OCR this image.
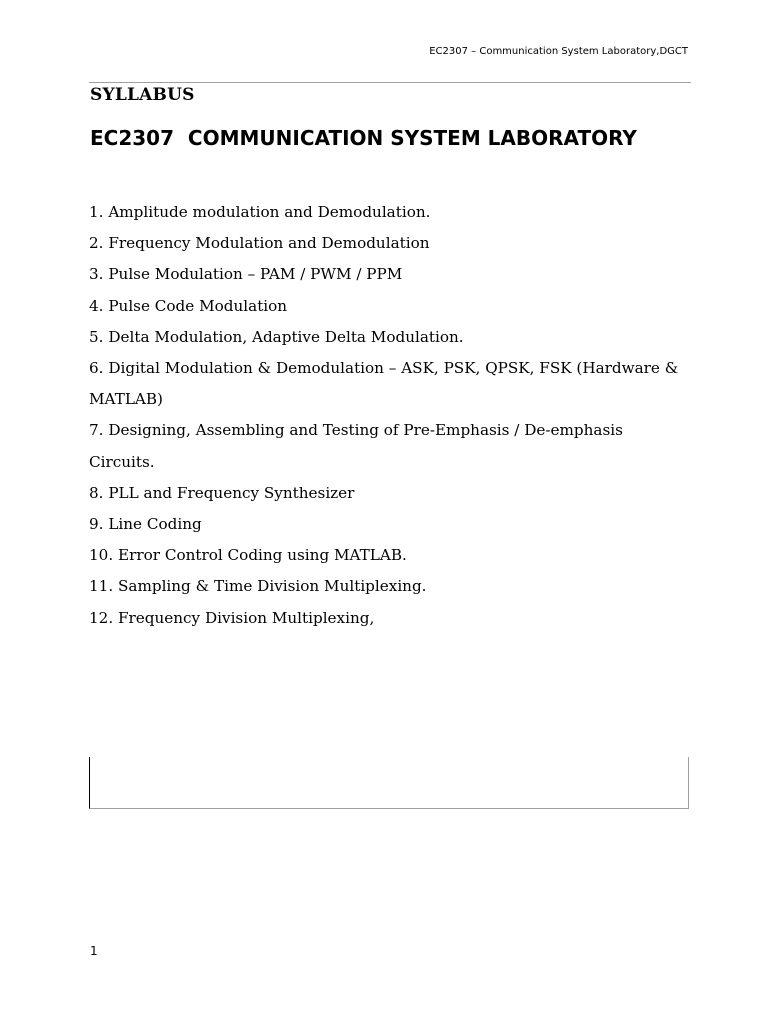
EC2307 – Communication System Laboratory,DGCT
SYLLABUS
EC2307  COMMUNICATION SYSTEM LABORATORY
1. Amplitude modulation and Demodulation.
2. Frequency Modulation and Demodulation
3. Pulse Modulation – PAM / PWM / PPM
4. Pulse Code Modulation
5. Delta Modulation, Adaptive Delta Modulation.
6. Digital Modulation & Demodulation – ASK, PSK, QPSK, FSK (Hardware & MATLAB)
7. Designing, Assembling and Testing of Pre-Emphasis / De-emphasis Circuits.
8. PLL and Frequency Synthesizer
9. Line Coding
10. Error Control Coding using MATLAB.
11. Sampling & Time Division Multiplexing.
12. Frequency Division Multiplexing,
1
